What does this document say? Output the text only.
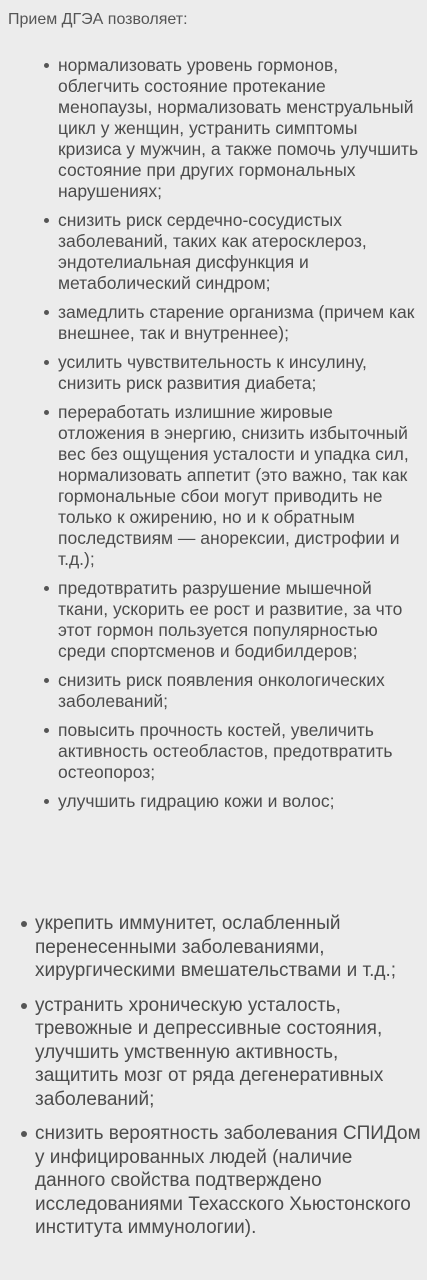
Прием ДГЭА позволяет:

нормализовать уровень гормонов, облегчить состояние протекание менопаузы, нормализовать менструальный цикл у женщин, устранить симптомы кризиса у мужчин, а также помочь улучшить состояние при других гормональных нарушениях;
снизить риск сердечно-сосудистых заболеваний, таких как атеросклероз, эндотелиальная дисфункция и метаболический синдром;
замедлить старение организма (причем как внешнее, так и внутреннее);
усилить чувствительность к инсулину, снизить риск развития диабета;
переработать излишние жировые отложения в энергию, снизить избыточный вес без ощущения усталости и упадка сил, нормализовать аппетит (это важно, так как гормональные сбои могут приводить не только к ожирению, но и к обратным последствиям — анорексии, дистрофии и т.д.);
предотвратить разрушение мышечной ткани, ускорить ее рост и развитие, за что этот гормон пользуется популярностью среди спортсменов и бодибилдеров;
снизить риск появления онкологических заболеваний;
повысить прочность костей, увеличить активность остеобластов, предотвратить остеопороз;
улучшить гидрацию кожи и волос;
укрепить иммунитет, ослабленный перенесенными заболеваниями, хирургическими вмешательствами и т.д.;
устранить хроническую усталость, тревожные и депрессивные состояния, улучшить умственную активность, защитить мозг от ряда дегенеративных заболеваний;
снизить вероятность заболевания СПИДом у инфицированных людей (наличие данного свойства подтверждено исследованиями Техасского Хьюстонского института иммунологии).
